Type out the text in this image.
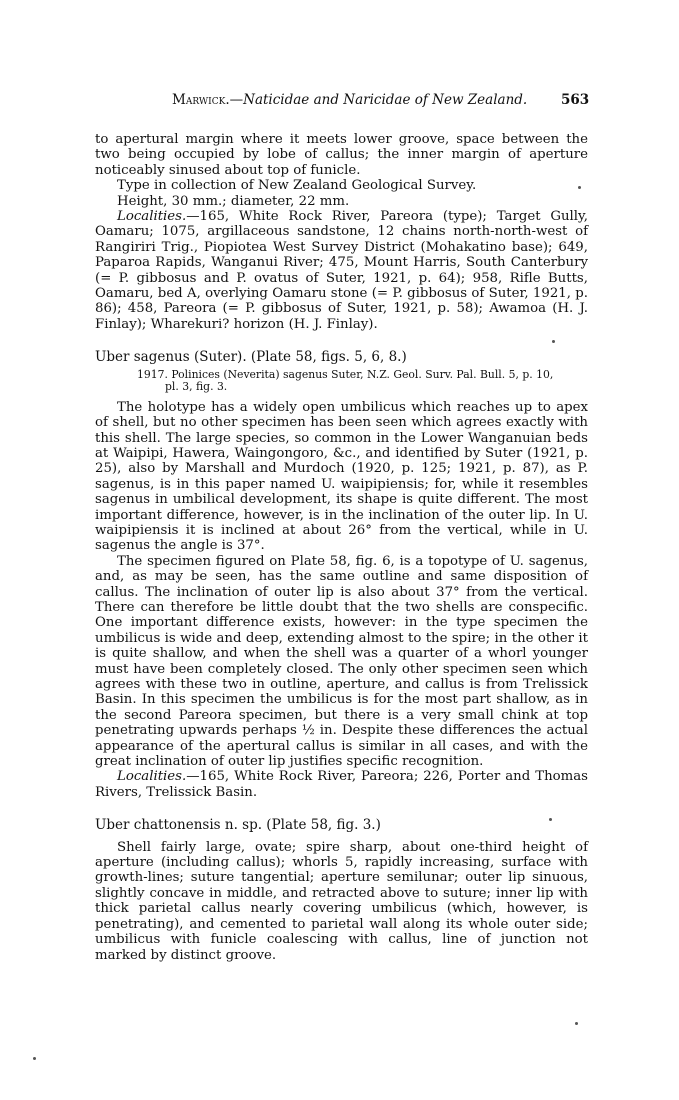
Marwick.—Naticidae and Naricidae of New Zealand.	563

to apertural margin where it meets lower groove, space between the two being occupied by lobe of callus; the inner margin of aperture noticeably sinused about top of funicle.

Type in collection of New Zealand Geological Survey.

Height, 30 mm.; diameter, 22 mm.

Localities.—165, White Rock River, Pareora (type); Target Gully, Oamaru; 1075, argillaceous sandstone, 12 chains north-north-west of Rangiriri Trig., Piopiotea West Survey District (Mohakatino base); 649, Paparoa Rapids, Wanganui River; 475, Mount Harris, South Canterbury (= P. gibbosus and P. ovatus of Suter, 1921, p. 64); 958, Rifle Butts, Oamaru, bed A, overlying Oamaru stone (= P. gibbosus of Suter, 1921, p. 86); 458, Pareora (= P. gibbosus of Suter, 1921, p. 58); Awamoa (H. J. Finlay); Wharekuri? horizon (H. J. Finlay).

Uber sagenus (Suter). (Plate 58, figs. 5, 6, 8.)

1917. Polinices (Neverita) sagenus Suter, N.Z. Geol. Surv. Pal. Bull. 5, p. 10,
pl. 3, fig. 3.

The holotype has a widely open umbilicus which reaches up to apex of shell, but no other specimen has been seen which agrees exactly with this shell. The large species, so common in the Lower Wanganuian beds at Waipipi, Hawera, Waingongoro, &c., and identified by Suter (1921, p. 25), also by Marshall and Murdoch (1920, p. 125; 1921, p. 87), as P. sagenus, is in this paper named U. waipipiensis; for, while it resembles sagenus in umbilical development, its shape is quite different. The most important difference, however, is in the inclination of the outer lip. In U. waipipiensis it is inclined at about 26° from the vertical, while in U. sagenus the angle is 37°.

The specimen figured on Plate 58, fig. 6, is a topotype of U. sagenus, and, as may be seen, has the same outline and same disposition of callus. The inclination of outer lip is also about 37° from the vertical. There can therefore be little doubt that the two shells are conspecific. One important difference exists, however: in the type specimen the umbilicus is wide and deep, extending almost to the spire; in the other it is quite shallow, and when the shell was a quarter of a whorl younger must have been completely closed. The only other specimen seen which agrees with these two in outline, aperture, and callus is from Trelissick Basin. In this specimen the umbilicus is for the most part shallow, as in the second Pareora specimen, but there is a very small chink at top penetrating upwards perhaps ½ in. Despite these differences the actual appearance of the apertural callus is similar in all cases, and with the great inclination of outer lip justifies specific recognition.

Localities.—165, White Rock River, Pareora; 226, Porter and Thomas Rivers, Trelissick Basin.

Uber chattonensis n. sp. (Plate 58, fig. 3.)

Shell fairly large, ovate; spire sharp, about one-third height of aperture (including callus); whorls 5, rapidly increasing, surface with growth-lines; suture tangential; aperture semilunar; outer lip sinuous, slightly concave in middle, and retracted above to suture; inner lip with thick parietal callus nearly covering umbilicus (which, however, is penetrating), and cemented to parietal wall along its whole outer side; umbilicus with funicle coalescing with callus, line of junction not marked by distinct groove.
